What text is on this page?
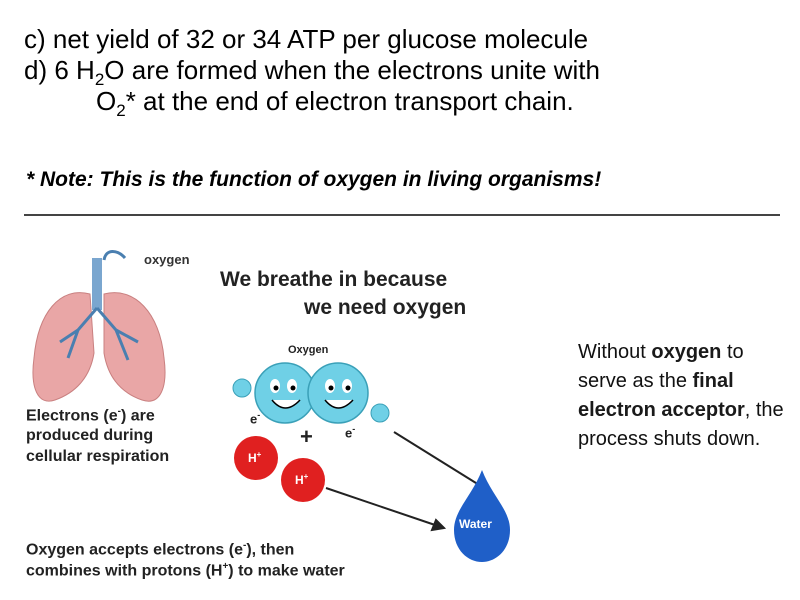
c) net yield of 32 or 34 ATP per glucose molecule
d) 6 $H_2O$ are formed when the electrons unite with
$O_2*$ at the end of electron transport chain.
* Note: This is the function of oxygen in living organisms!
oxygen
We breathe in because
we need oxygen
Oxygen
Electrons (e-) are
produced during
cellular respiration
e-
+ e-
H+
H+
Water
Oxygen accepts electrons (e-), then
combines with protons (H+) to make water
Without oxygen to serve as the final electron acceptor, the process shuts down.
